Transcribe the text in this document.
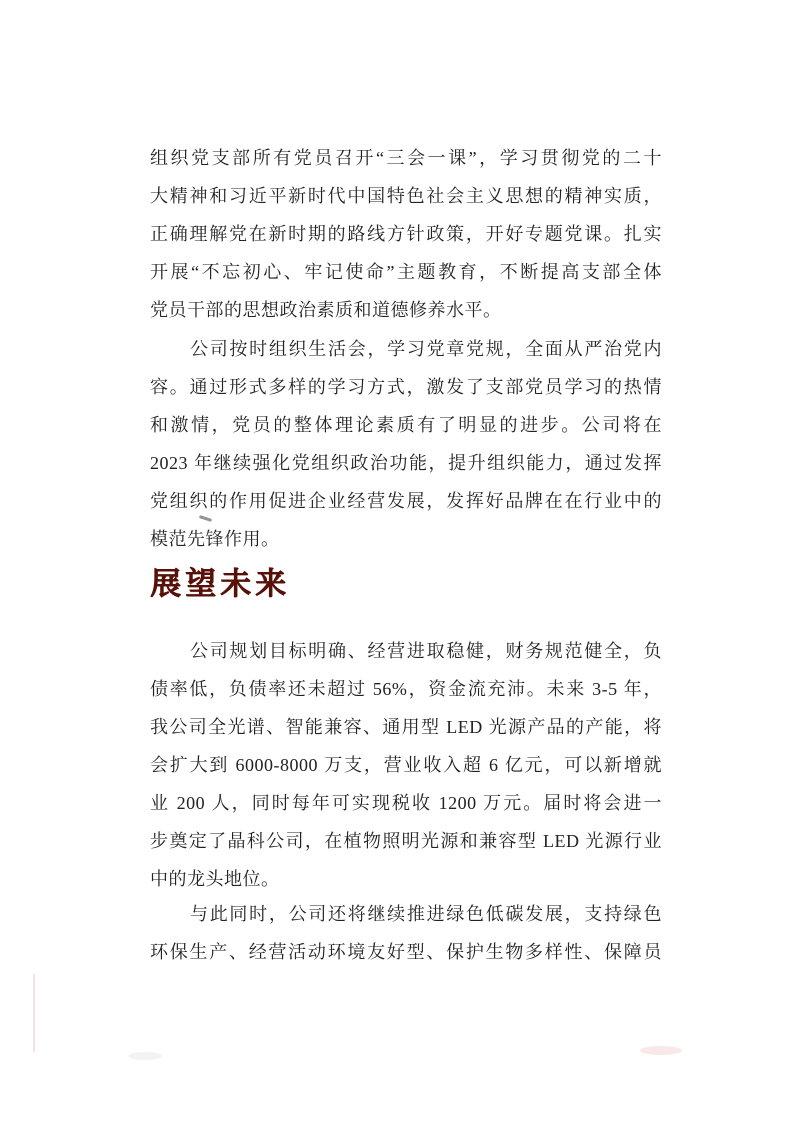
组织党支部所有党员召开“三会一课”，学习贯彻党的二十
大精神和习近平新时代中国特色社会主义思想的精神实质，
正确理解党在新时期的路线方针政策，开好专题党课。扎实
开展“不忘初心、牢记使命”主题教育，不断提高支部全体
党员干部的思想政治素质和道德修养水平。
公司按时组织生活会，学习党章党规，全面从严治党内
容。通过形式多样的学习方式，激发了支部党员学习的热情
和激情，党员的整体理论素质有了明显的进步。公司将在
2023 年继续强化党组织政治功能，提升组织能力，通过发挥
党组织的作用促进企业经营发展，发挥好品牌在在行业中的
模范先锋作用。
展望未来
公司规划目标明确、经营进取稳健，财务规范健全，负
债率低，负债率还未超过 56%，资金流充沛。未来 3-5 年，
我公司全光谱、智能兼容、通用型 LED 光源产品的产能，将
会扩大到 6000-8000 万支，营业收入超 6 亿元，可以新增就
业 200 人，同时每年可实现税收 1200 万元。届时将会进一
步奠定了晶科公司，在植物照明光源和兼容型 LED 光源行业
中的龙头地位。
与此同时，公司还将继续推进绿色低碳发展，支持绿色
环保生产、经营活动环境友好型、保护生物多样性、保障员
